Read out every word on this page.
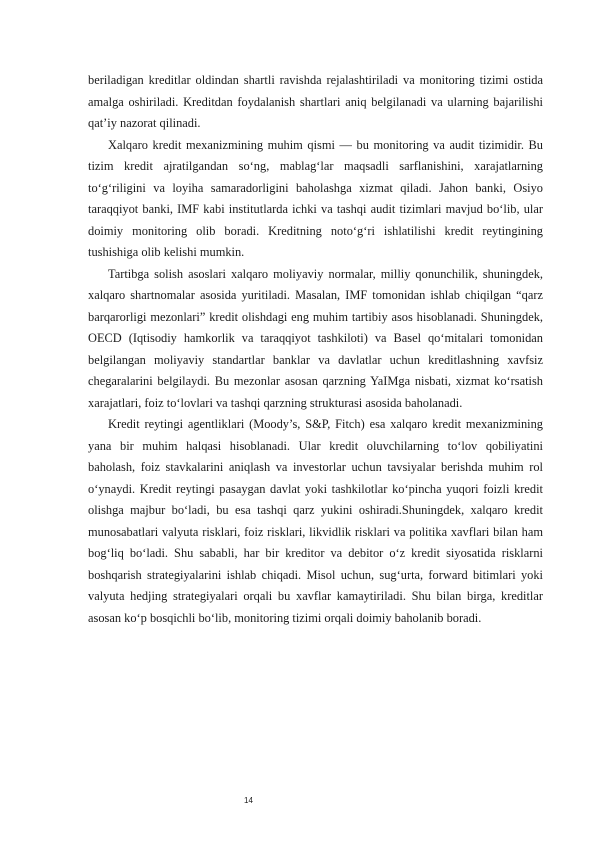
beriladigan kreditlar oldindan shartli ravishda rejalashtiriladi va monitoring tizimi ostida amalga oshiriladi. Kreditdan foydalanish shartlari aniq belgilanadi va ularning bajarilishi qat’iy nazorat qilinadi.

Xalqaro kredit mexanizmining muhim qismi — bu monitoring va audit tizimidir. Bu tizim kredit ajratilgandan so‘ng, mablag‘lar maqsadli sarflanishini, xarajatlarning to‘g‘riligini va loyiha samaradorligini baholashga xizmat qiladi. Jahon banki, Osiyo taraqqiyot banki, IMF kabi institutlarda ichki va tashqi audit tizimlari mavjud bo‘lib, ular doimiy monitoring olib boradi. Kreditning noto‘g‘ri ishlatilishi kredit reytingining tushishiga olib kelishi mumkin.

Tartibga solish asoslari xalqaro moliyaviy normalar, milliy qonunchilik, shuningdek, xalqaro shartnomalar asosida yuritiladi. Masalan, IMF tomonidan ishlab chiqilgan “qarz barqarorligi mezonlari” kredit olishdagi eng muhim tartibiy asos hisoblanadi. Shuningdek, OECD (Iqtisodiy hamkorlik va taraqqiyot tashkiloti) va Basel qo‘mitalari tomonidan belgilangan moliyaviy standartlar banklar va davlatlar uchun kreditlashning xavfsiz chegaralarini belgilaydi. Bu mezonlar asosan qarzning YaIMga nisbati, xizmat ko‘rsatish xarajatlari, foiz to‘lovlari va tashqi qarzning strukturasi asosida baholanadi.

Kredit reytingi agentliklari (Moody’s, S&P, Fitch) esa xalqaro kredit mexanizmining yana bir muhim halqasi hisoblanadi. Ular kredit oluvchilarning to‘lov qobiliyatini baholash, foiz stavkalarini aniqlash va investorlar uchun tavsiyalar berishda muhim rol o‘ynaydi. Kredit reytingi pasaygan davlat yoki tashkilotlar ko‘pincha yuqori foizli kredit olishga majbur bo‘ladi, bu esa tashqi qarz yukini oshiradi.Shuningdek, xalqaro kredit munosabatlari valyuta risklari, foiz risklari, likvidlik risklari va politika xavflari bilan ham bog‘liq bo‘ladi. Shu sababli, har bir kreditor va debitor o‘z kredit siyosatida risklarni boshqarish strategiyalarini ishlab chiqadi. Misol uchun, sug‘urta, forward bitimlari yoki valyuta hedjing strategiyalari orqali bu xavflar kamaytiriladi. Shu bilan birga, kreditlar asosan ko‘p bosqichli bo‘lib, monitoring tizimi orqali doimiy baholanib boradi.

14
